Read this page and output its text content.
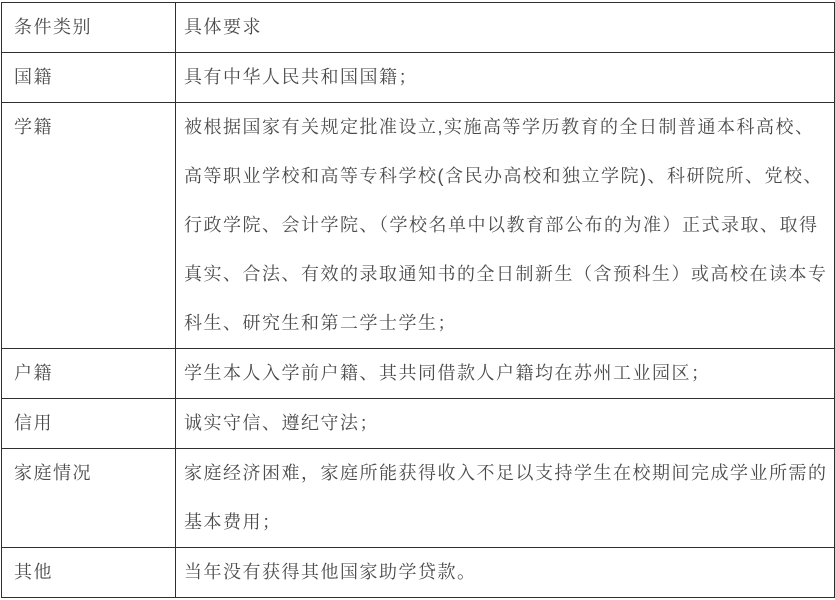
条件类别	具体要求

国籍	具有中华人民共和国国籍；

学籍	被根据国家有关规定批准设立,实施高等学历教育的全日制普通本科高校、
高等职业学校和高等专科学校(含民办高校和独立学院)、科研院所、党校、
行政学院、会计学院、（学校名单中以教育部公布的为准）正式录取、取得
真实、合法、有效的录取通知书的全日制新生（含预科生）或高校在读本专
科生、研究生和第二学士学生；

户籍	学生本人入学前户籍、其共同借款人户籍均在苏州工业园区；

信用	诚实守信、遵纪守法；

家庭情况	家庭经济困难，家庭所能获得收入不足以支持学生在校期间完成学业所需的
基本费用；

其他	当年没有获得其他国家助学贷款。
